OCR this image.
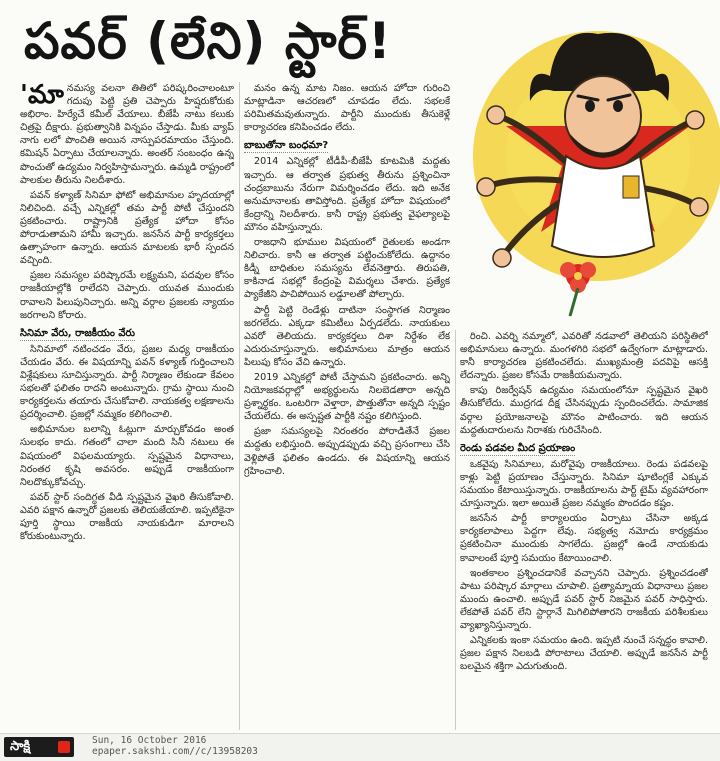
పవర్ (లేని) స్టార్!

'మానమస్య వలనా తితిలో పరిష్కరించాలంటూ గదుపు పెట్టి ప్రతి చెప్పారు హిష్షరుకోరుకు అభిరాం. హిర్యేచే కమీల్ వేయాలు. బీజేపీ నాటు కలుకు చిత్రపై దీక్షారు. ప్రభుత్వానికి విన్నపం చేస్తాడు. మీకు వ్యాప్ నాగు లలో పొంచితి అయిన నాస్పుపరమాయం చేస్తుంది. కమిషన్ ఏర్పాటు చేయాలన్నారు. అంతర్ సంబంధం ఉన్న పొంచుతో ఉద్యమం నిర్వహిస్తామన్నారు. ఉమ్మడి రాష్ట్రంలో పాలకుల తీరును నిలదీశారు.

పవన్ కళ్యాణ్ సినిమా ఫోటో అభిమానుల హృదయాల్లో నిలిచింది. వచ్చే ఎన్నికల్లో తమ పార్టీ పోటీ చేస్తుందని ప్రకటించారు. రాష్ట్రానికి ప్రత్యేక హోదా కోసం పోరాడుతామని హామీ ఇచ్చారు. జనసేన పార్టీ కార్యకర్తలు ఉత్సాహంగా ఉన్నారు. ఆయన మాటలకు భారీ స్పందన వచ్చింది.

ప్రజల సమస్యల పరిష్కారమే లక్ష్యమని, పదవుల కోసం రాజకీయాల్లోకి రాలేదని చెప్పారు. యువత ముందుకు రావాలని పిలుపునిచ్చారు. అన్ని వర్గాల ప్రజలకు న్యాయం జరగాలని కోరారు.

సినిమా వేరు, రాజకీయం వేరు

సినిమాలో నటించడం వేరు, ప్రజల మధ్య రాజకీయం చేయడం వేరు. ఈ విషయాన్ని పవన్ కళ్యాణ్ గుర్తించాలని విశ్లేషకులు సూచిస్తున్నారు. పార్టీ నిర్మాణం లేకుండా కేవలం సభలతో ఫలితం రాదని అంటున్నారు. గ్రామ స్థాయి నుంచి కార్యకర్తలను తయారు చేసుకోవాలి. నాయకత్వ లక్షణాలను ప్రదర్శించాలి. ప్రజల్లో నమ్మకం కలిగించాలి.

అభిమానుల బలాన్ని ఓట్లుగా మార్చుకోవడం అంత సులభం కాదు. గతంలో చాలా మంది సినీ నటులు ఈ విషయంలో విఫలమయ్యారు. స్పష్టమైన విధానాలు, నిరంతర కృషి అవసరం. అప్పుడే రాజకీయంగా నిలదొక్కుకోవచ్చు.

పవర్ స్టార్ సందిగ్ధత వీడి స్పష్టమైన వైఖరి తీసుకోవాలి. ఎవరి పక్షాన ఉన్నారో ప్రజలకు తెలియజేయాలి. ఇప్పటికైనా పూర్తి స్థాయి రాజకీయ నాయకుడిగా మారాలని కోరుకుంటున్నారు.

మనం ఉన్న మాట నిజం. ఆయన హోదా గురించి మాట్లాడినా ఆచరణలో చూపడం లేదు. సభలకే పరిమితమవుతున్నారు. పార్టీని ముందుకు తీసుకెళ్లే కార్యాచరణ కనిపించడం లేదు.

బాబుతోనా బంధమా?

2014 ఎన్నికల్లో టీడీపీ-బీజేపీ కూటమికి మద్దతు ఇచ్చారు. ఆ తర్వాత ప్రభుత్వ తీరును ప్రశ్నించినా చంద్రబాబును నేరుగా విమర్శించడం లేదు. ఇది అనేక అనుమానాలకు తావిస్తోంది. ప్రత్యేక హోదా విషయంలో కేంద్రాన్ని నిలదీశారు. కానీ రాష్ట్ర ప్రభుత్వ వైఫల్యాలపై మౌనం వహిస్తున్నారు.

రాజధాని భూముల విషయంలో రైతులకు అండగా నిలిచారు. కానీ ఆ తర్వాత పట్టించుకోలేదు. ఉద్దానం కిడ్నీ బాధితుల సమస్యను లేవనెత్తారు. తిరుపతి, కాకినాడ సభల్లో కేంద్రంపై విమర్శలు చేశారు. ప్రత్యేక ప్యాకేజీని పాచిపోయిన లడ్డూలతో పోల్చారు.

పార్టీ పెట్టి రెండేళ్లు దాటినా సంస్థాగత నిర్మాణం జరగలేదు. ఎక్కడా కమిటీలు ఏర్పడలేదు. నాయకులు ఎవరో తెలియదు. కార్యకర్తలు దిశా నిర్దేశం లేక ఎదురుచూస్తున్నారు. అభిమానులు మాత్రం ఆయన పిలుపు కోసం వేచి ఉన్నారు.

2019 ఎన్నికల్లో పోటీ చేస్తామని ప్రకటించారు. అన్ని నియోజకవర్గాల్లో అభ్యర్థులను నిలబెడతారా అన్నది ప్రశ్నార్థకం. ఒంటరిగా వెళ్తారా, పొత్తుతోనా అన్నది స్పష్టం చేయలేదు. ఈ అస్పష్టత పార్టీకి నష్టం కలిగిస్తుంది.

ప్రజా సమస్యలపై నిరంతరం పోరాడితేనే ప్రజల మద్దతు లభిస్తుంది. అప్పుడప్పుడు వచ్చి ప్రసంగాలు చేసి వెళ్లిపోతే ఫలితం ఉండదు. ఈ విషయాన్ని ఆయన గ్రహించాలి.

రించి. ఎవర్ని నమ్మాలో, ఎవరితో నడవాలో తెలియని పరిస్థితిలో అభిమానులు ఉన్నారు. మంగళగిరి సభలో ఉద్వేగంగా మాట్లాడారు. కానీ కార్యాచరణ ప్రకటించలేదు. ముఖ్యమంత్రి పదవిపై ఆసక్తి లేదన్నారు. ప్రజల కోసమే రాజకీయమన్నారు.

కాపు రిజర్వేషన్ ఉద్యమం సమయంలోనూ స్పష్టమైన వైఖరి తీసుకోలేదు. ముద్రగడ దీక్ష చేసినప్పుడు స్పందించలేదు. సామాజిక వర్గాల ప్రయోజనాలపై మౌనం పాటించారు. ఇది ఆయన మద్దతుదారులను నిరాశకు గురిచేసింది.

రెండు పడవల మీద ప్రయాణం

ఒకవైపు సినిమాలు, మరోవైపు రాజకీయాలు. రెండు పడవలపై కాళ్లు పెట్టి ప్రయాణం చేస్తున్నారు. సినిమా షూటింగ్లకే ఎక్కువ సమయం కేటాయిస్తున్నారు. రాజకీయాలను పార్ట్ టైమ్ వ్యవహారంగా చూస్తున్నారు. ఇలా అయితే ప్రజల నమ్మకం పొందడం కష్టం.

జనసేన పార్టీ కార్యాలయం ఏర్పాటు చేసినా అక్కడ కార్యకలాపాలు పెద్దగా లేవు. సభ్యత్వ నమోదు కార్యక్రమం ప్రకటించినా ముందుకు సాగలేదు. ప్రజల్లో ఉండే నాయకుడు కావాలంటే పూర్తి సమయం కేటాయించాలి.

ఇంతకాలం ప్రశ్నించడానికే వచ్చానని చెప్పారు. ప్రశ్నించడంతో పాటు పరిష్కార మార్గాలు చూపాలి. ప్రత్యామ్నాయ విధానాలు ప్రజల ముందు ఉంచాలి. అప్పుడే పవర్ స్టార్ నిజమైన పవర్ సాధిస్తారు. లేకపోతే పవర్ లేని స్టార్గానే మిగిలిపోతారని రాజకీయ పరిశీలకులు వ్యాఖ్యానిస్తున్నారు.

ఎన్నికలకు ఇంకా సమయం ఉంది. ఇప్పటి నుంచే సన్నద్ధం కావాలి. ప్రజల పక్షాన నిలబడి పోరాటాలు చేయాలి. అప్పుడే జనసేన పార్టీ బలమైన శక్తిగా ఎదుగుతుంది.

సాక్షి	Sun, 16 October 2016
epaper.sakshi.com//c/13958203
